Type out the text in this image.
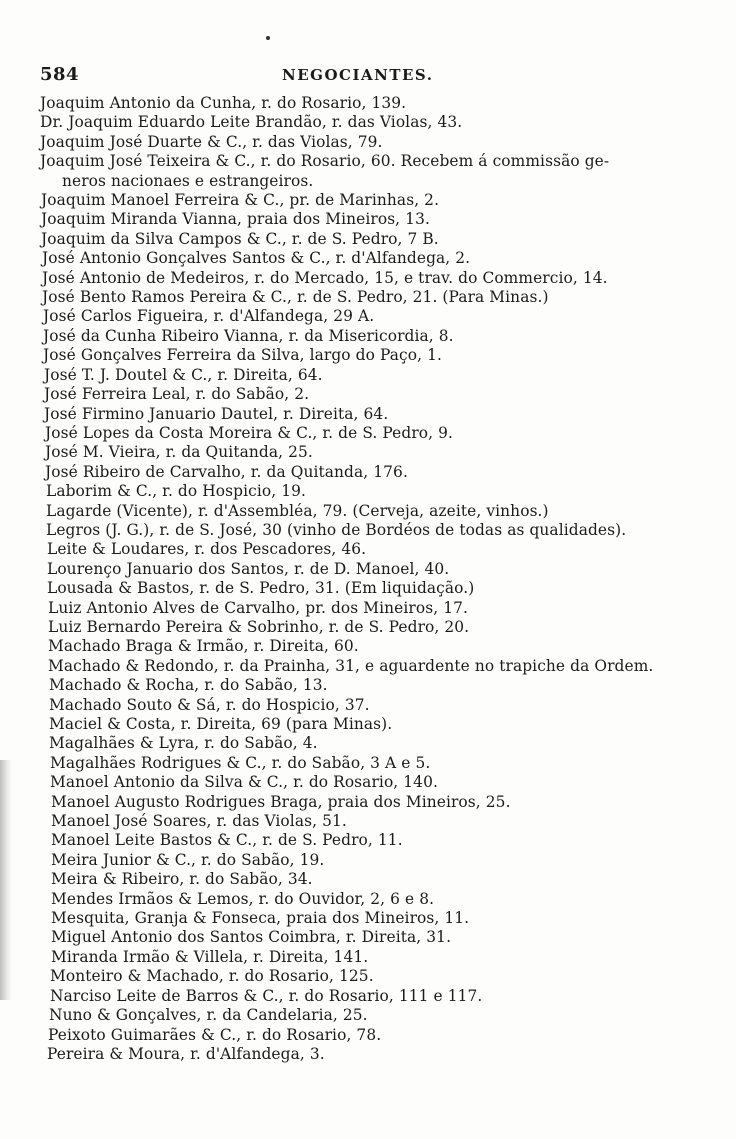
584	NEGOCIANTES.
Joaquim Antonio da Cunha, r. do Rosario, 139.
Dr. Joaquim Eduardo Leite Brandão, r. das Violas, 43.
Joaquim José Duarte & C., r. das Violas, 79.
Joaquim José Teixeira & C., r. do Rosario, 60. Recebem á commissão ge-
neros nacionaes e estrangeiros.
Joaquim Manoel Ferreira & C., pr. de Marinhas, 2.
Joaquim Miranda Vianna, praia dos Mineiros, 13.
Joaquim da Silva Campos & C., r. de S. Pedro, 7 B.
José Antonio Gonçalves Santos & C., r. d'Alfandega, 2.
José Antonio de Medeiros, r. do Mercado, 15, e trav. do Commercio, 14.
José Bento Ramos Pereira & C., r. de S. Pedro, 21. (Para Minas.)
José Carlos Figueira, r. d'Alfandega, 29 A.
José da Cunha Ribeiro Vianna, r. da Misericordia, 8.
José Gonçalves Ferreira da Silva, largo do Paço, 1.
José T. J. Doutel & C., r. Direita, 64.
José Ferreira Leal, r. do Sabão, 2.
José Firmino Januario Dautel, r. Direita, 64.
José Lopes da Costa Moreira & C., r. de S. Pedro, 9.
José M. Vieira, r. da Quitanda, 25.
José Ribeiro de Carvalho, r. da Quitanda, 176.
Laborim & C., r. do Hospicio, 19.
Lagarde (Vicente), r. d'Assembléa, 79. (Cerveja, azeite, vinhos.)
Legros (J. G.), r. de S. José, 30 (vinho de Bordéos de todas as qualidades).
Leite & Loudares, r. dos Pescadores, 46.
Lourenço Januario dos Santos, r. de D. Manoel, 40.
Lousada & Bastos, r. de S. Pedro, 31. (Em liquidação.)
Luiz Antonio Alves de Carvalho, pr. dos Mineiros, 17.
Luiz Bernardo Pereira & Sobrinho, r. de S. Pedro, 20.
Machado Braga & Irmão, r. Direita, 60.
Machado & Redondo, r. da Prainha, 31, e aguardente no trapiche da Ordem.
Machado & Rocha, r. do Sabão, 13.
Machado Souto & Sá, r. do Hospicio, 37.
Maciel & Costa, r. Direita, 69 (para Minas).
Magalhães & Lyra, r. do Sabão, 4.
Magalhães Rodrigues & C., r. do Sabão, 3 A e 5.
Manoel Antonio da Silva & C., r. do Rosario, 140.
Manoel Augusto Rodrigues Braga, praia dos Mineiros, 25.
Manoel José Soares, r. das Violas, 51.
Manoel Leite Bastos & C., r. de S. Pedro, 11.
Meira Junior & C., r. do Sabão, 19.
Meira & Ribeiro, r. do Sabão, 34.
Mendes Irmãos & Lemos, r. do Ouvidor, 2, 6 e 8.
Mesquita, Granja & Fonseca, praia dos Mineiros, 11.
Miguel Antonio dos Santos Coimbra, r. Direita, 31.
Miranda Irmão & Villela, r. Direita, 141.
Monteiro & Machado, r. do Rosario, 125.
Narciso Leite de Barros & C., r. do Rosario, 111 e 117.
Nuno & Gonçalves, r. da Candelaria, 25.
Peixoto Guimarães & C., r. do Rosario, 78.
Pereira & Moura, r. d'Alfandega, 3.
